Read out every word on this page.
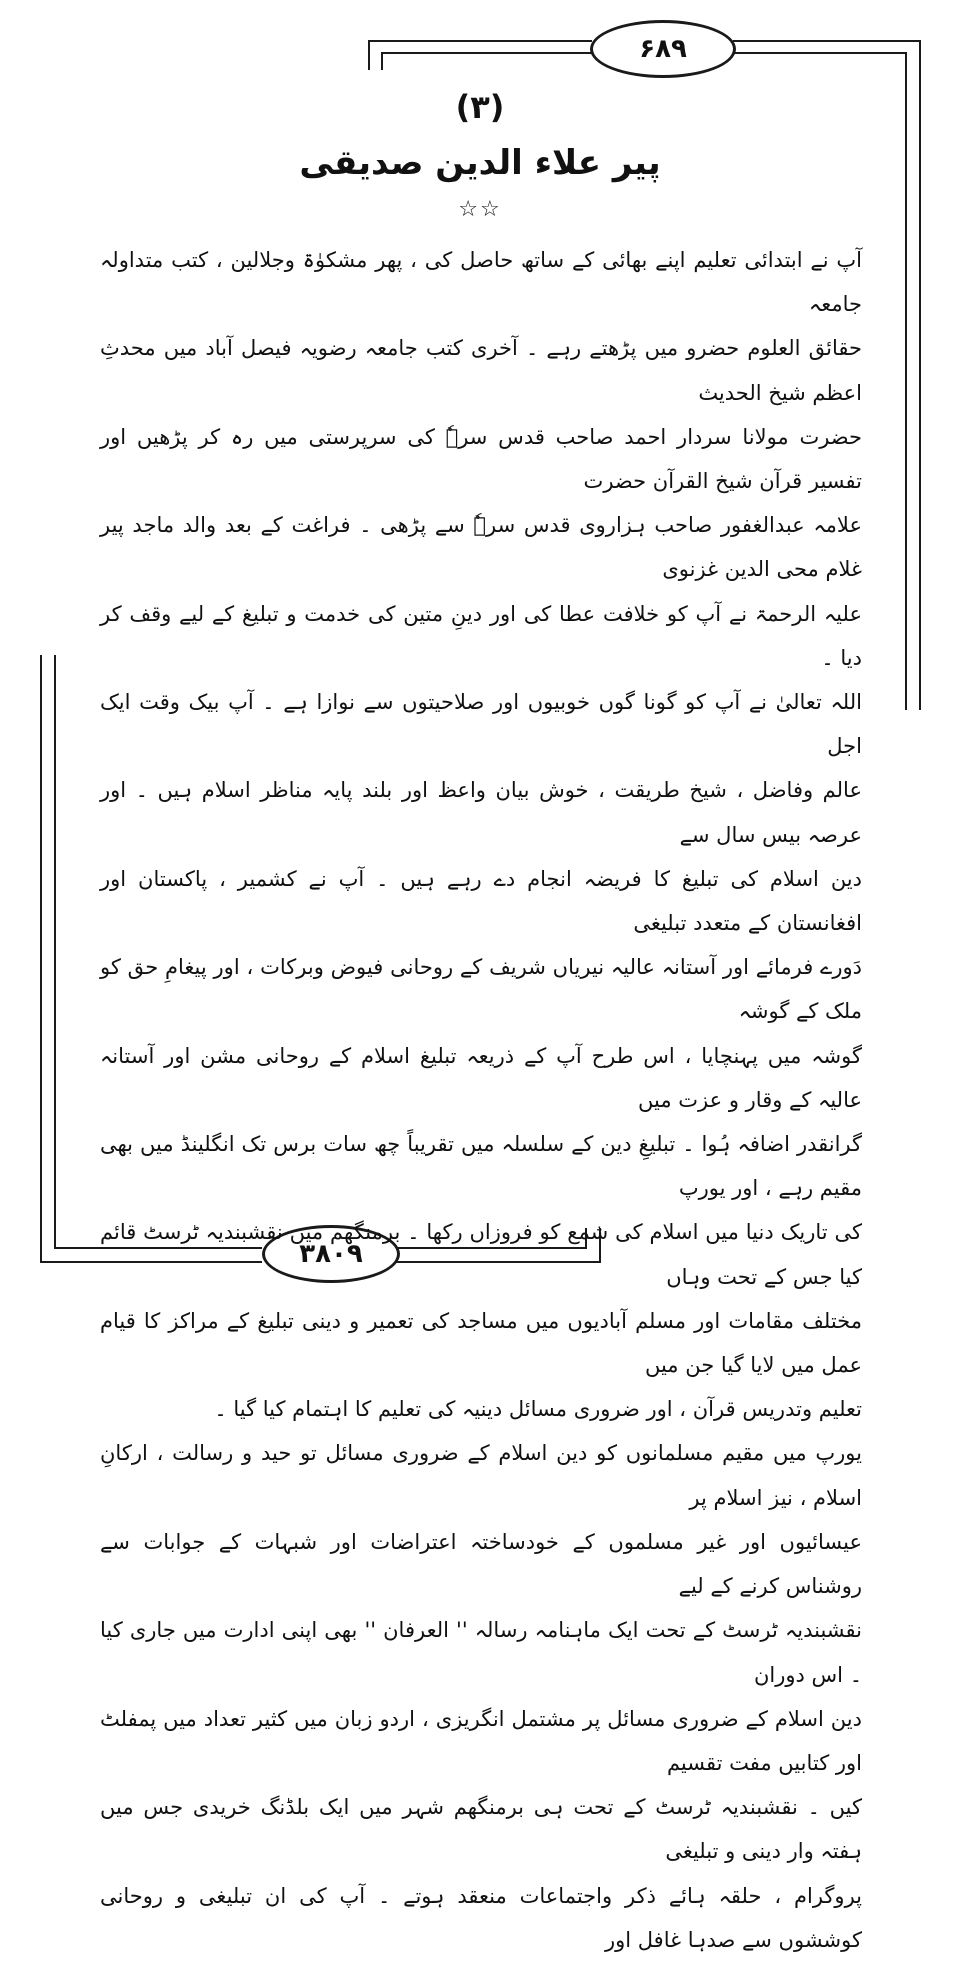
۶۸۹
۳۸۰۹
(۳)
پیر علاء الدین صدیقی
☆☆
آپ نے ابتدائی تعلیم اپنے بھائی کے ساتھ حاصل کی ، پھر مشکوٰۃ وجلالین ، کتب متداولہ جامعہ
حقائق العلوم حضرو میں پڑھتے رہے ۔ آخری کتب جامعہ رضویہ فیصل آباد میں محدثِ اعظم شیخ الحدیث
حضرت مولانا سردار احمد صاحب قدس سرہٗ کی سرپرستی میں رہ کر پڑھیں اور تفسیر قرآن شیخ القرآن حضرت
علامہ عبدالغفور صاحب ہزاروی قدس سرہٗ سے پڑھی ۔ فراغت کے بعد والد ماجد پیر غلام محی الدین غزنوی
علیہ الرحمۃ نے آپ کو خلافت عطا کی اور دینِ متین کی خدمت و تبلیغ کے لیے وقف کر دیا ۔
اللہ تعالیٰ نے آپ کو گونا گوں خوبیوں اور صلاحیتوں سے نوازا ہے ۔ آپ بیک وقت ایک اجل
عالم وفاضل ، شیخ طریقت ، خوش بیان واعظ اور بلند پایہ مناظر اسلام ہیں ۔ اور عرصہ بیس سال سے
دین اسلام کی تبلیغ کا فریضہ انجام دے رہے ہیں ۔ آپ نے کشمیر ، پاکستان اور افغانستان کے متعدد تبلیغی
دَورے فرمائے اور آستانہ عالیہ نیریاں شریف کے روحانی فیوض وبرکات ، اور پیغامِ حق کو ملک کے گوشہ
گوشہ میں پہنچایا ، اس طرح آپ کے ذریعہ تبلیغ اسلام کے روحانی مشن اور آستانہ عالیہ کے وقار و عزت میں
گرانقدر اضافہ ہُوا ۔ تبلیغِ دین کے سلسلہ میں تقریباً چھ سات برس تک انگلینڈ میں بھی مقیم رہے ، اور یورپ
کی تاریک دنیا میں اسلام کی شمع کو فروزاں رکھا ۔ برمنگھم میں نقشبندیہ ٹرسٹ قائم کیا جس کے تحت وہاں
مختلف مقامات اور مسلم آبادیوں میں مساجد کی تعمیر و دینی تبلیغ کے مراکز کا قیام عمل میں لایا گیا جن میں
تعلیم وتدریس قرآن ، اور ضروری مسائل دینیہ کی تعلیم کا اہتمام کیا گیا ۔
یورپ میں مقیم مسلمانوں کو دین اسلام کے ضروری مسائل تو حید و رسالت ، ارکانِ اسلام ، نیز اسلام پر
عیسائیوں اور غیر مسلموں کے خودساختہ اعتراضات اور شبہات کے جوابات سے روشناس کرنے کے لیے
نقشبندیہ ٹرسٹ کے تحت ایک ماہنامہ رسالہ '' العرفان '' بھی اپنی ادارت میں جاری کیا ۔ اس دوران
دین اسلام کے ضروری مسائل پر مشتمل انگریزی ، اردو زبان میں کثیر تعداد میں پمفلٹ اور کتابیں مفت تقسیم
کیں ۔ نقشبندیہ ٹرسٹ کے تحت ہی برمنگھم شہر میں ایک بلڈنگ خریدی جس میں ہفتہ وار دینی و تبلیغی
پروگرام ، حلقہ ہائے ذکر واجتماعات منعقد ہوتے ۔ آپ کی ان تبلیغی و روحانی کوششوں سے صدہا غافل اور
